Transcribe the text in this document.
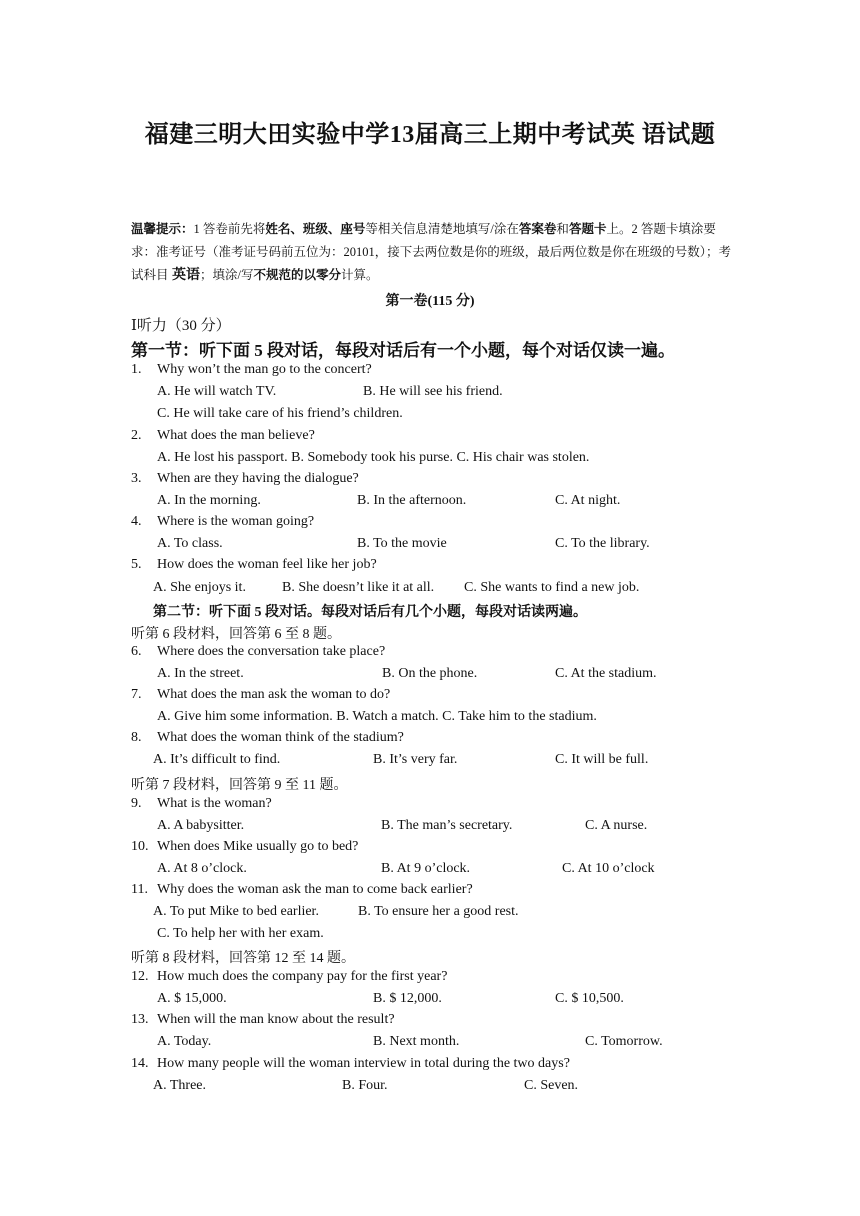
福建三明大田实验中学13届高三上期中考试英 语试题
温馨提示：1 答卷前先将姓名、班级、座号等相关信息清楚地填写/涂在答案卷和答题卡上。2 答题卡填涂要求：准考证号（准考证号码前五位为：20101，接下去两位数是你的班级，最后两位数是你在班级的号数）；考试科目 英语；填涂/写不规范的以零分计算。
第一卷(115 分)
Ⅰ听力（30 分）
第一节：听下面 5 段对话，每段对话后有一个小题，每个对话仅读一遍。
1. Why won’t the man go to the concert?
A. He will watch TV.	B. He will see his friend.
C. He will take care of his friend’s children.
2. What does the man believe?
A. He lost his passport. B. Somebody took his purse. C. His chair was stolen.
3. When are they having the dialogue?
A. In the morning.	B. In the afternoon.	C. At night.
4. Where is the woman going?
A. To class.	B. To the movie	C. To the library.
5. How does the woman feel like her job?
A. She enjoys it.	B. She doesn’t like it at all. C. She wants to find a new job.
第二节：听下面 5 段对话。每段对话后有几个小题，每段对话读两遍。
听第 6 段材料，回答第 6 至 8 题。
6. Where does the conversation take place?
A. In the street.	B. On the phone.	C. At the stadium.
7. What does the man ask the woman to do?
A. Give him some information. B. Watch a match. C. Take him to the stadium.
8. What does the woman think of the stadium?
A. It’s difficult to find.	B. It’s very far.	C. It will be full.
听第 7 段材料，回答第 9 至 11 题。
9. What is the woman?
A. A babysitter.	B. The man’s secretary.	C. A nurse.
10. When does Mike usually go to bed?
A. At 8 o’clock.	B. At 9 o’clock.	C. At 10 o’clock
11. Why does the woman ask the man to come back earlier?
A. To put Mike to bed earlier.	B. To ensure her a good rest.
C. To help her with her exam.
听第 8 段材料，回答第 12 至 14 题。
12. How much does the company pay for the first year?
A. $ 15,000.	B. $ 12,000.	C. $ 10,500.
13. When will the man know about the result?
A. Today.	B. Next month.	C. Tomorrow.
14. How many people will the woman interview in total during the two days?
A. Three.	B. Four.	C. Seven.
